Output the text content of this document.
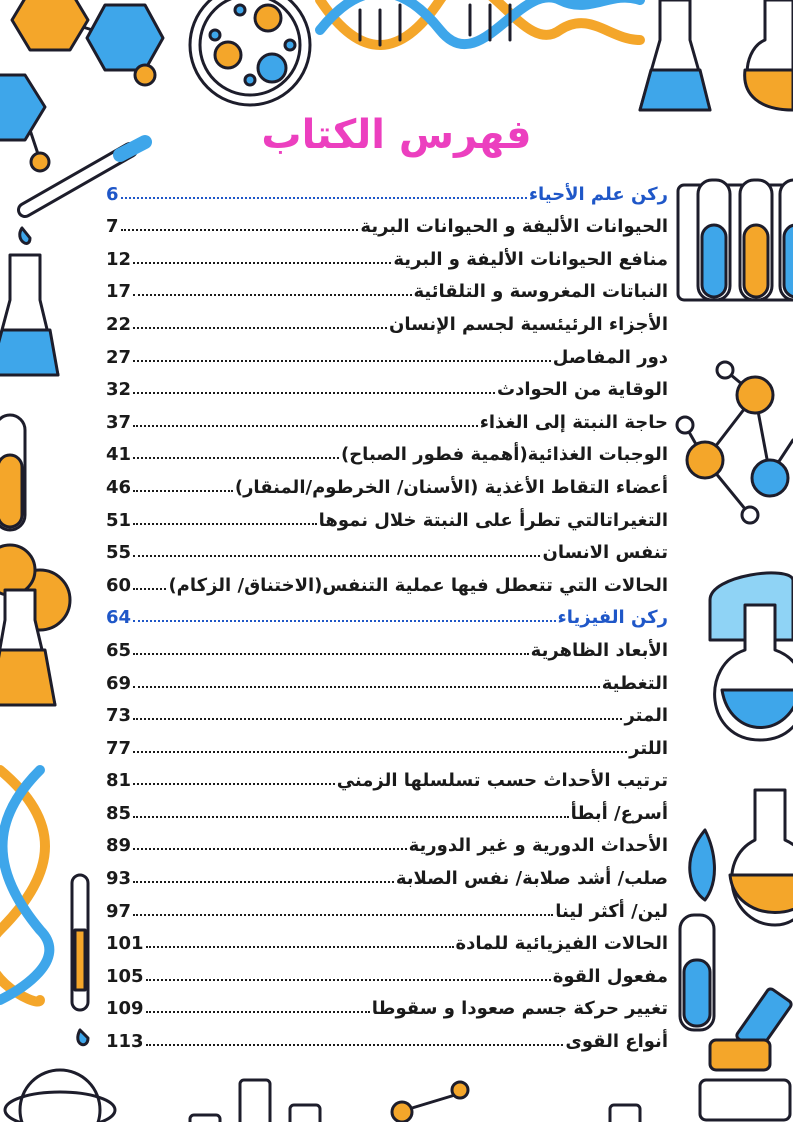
فهرس الكتاب
ركن علم الأحياء
6
الحيوانات الأليفة و الحيوانات البرية
7
منافع الحيوانات الأليفة و البرية
12
النباتات المغروسة و التلقائية
17
الأجزاء الرئيئسية لجسم الإنسان
22
دور المفاصل
27
الوقاية من الحوادث
32
حاجة النبتة إلى الغذاء
37
الوجبات الغذائية(أهمية فطور الصباح)
41
أعضاء التقاط الأغذية (الأسنان/ الخرطوم/المنقار)
46
التغيراتالتي تطرأ على النبتة خلال نموها
51
تنفس الانسان
55
الحالات التي تتعطل فيها عملية التنفس(الاختناق/ الزكام)
60
ركن الفيزياء
64
الأبعاد الظاهرية
65
التغطية
69
المتر
73
اللتر
77
ترتيب الأحداث حسب تسلسلها الزمني
81
أسرع/ أبطأ
85
الأحداث الدورية و غير الدورية
89
صلب/ أشد صلابة/ نفس الصلابة
93
لين/ أكثر لينا
97
الحالات الفيزيائية للمادة
101
مفعول القوة
105
تغيير حركة جسم صعودا و سقوطا
109
أنواع القوى
113
